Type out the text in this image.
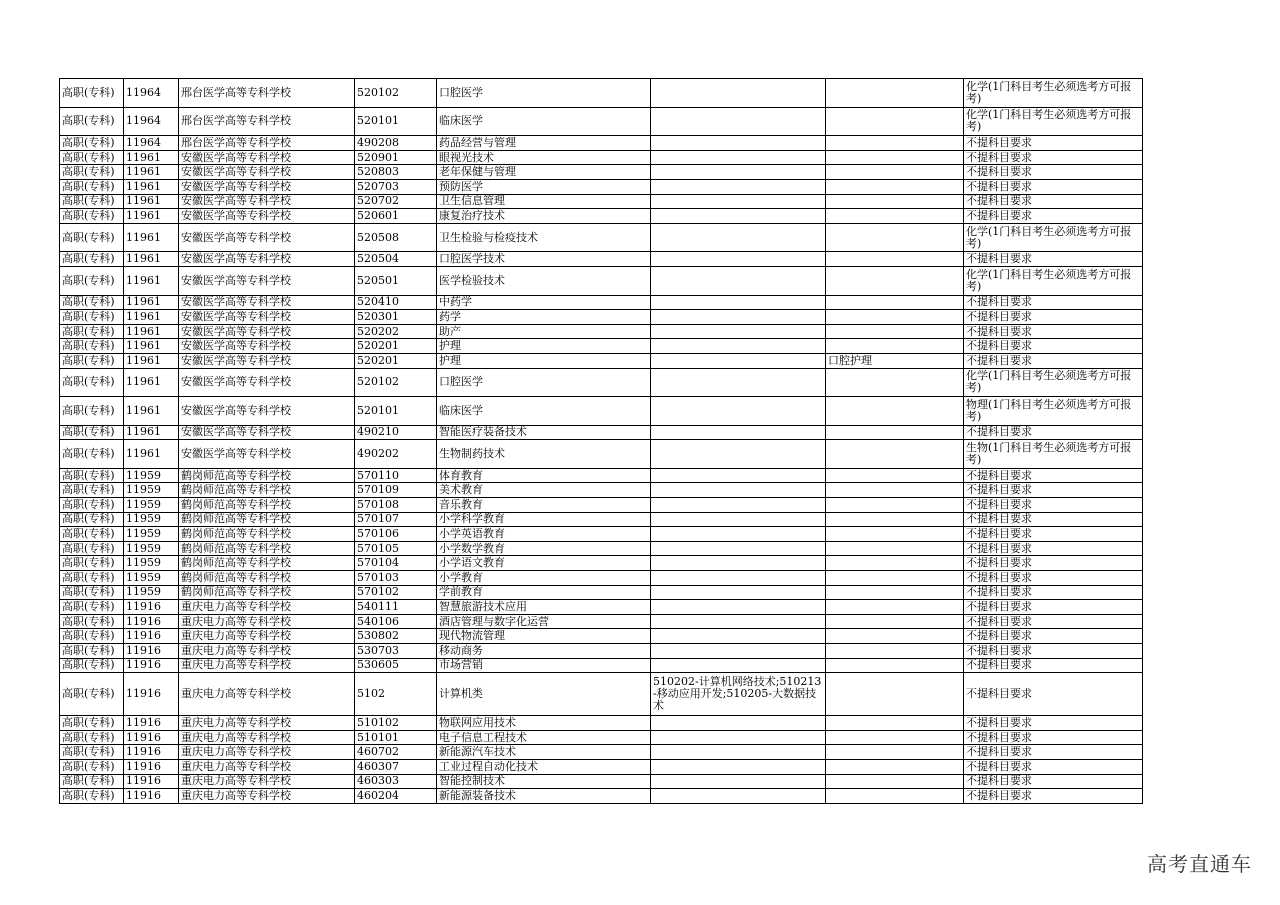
高职(专科)	11964	邢台医学高等专科学校	520102	口腔医学			化学(1门科目考生必须选考方可报考)
高职(专科)	11964	邢台医学高等专科学校	520101	临床医学			化学(1门科目考生必须选考方可报考)
高职(专科)	11964	邢台医学高等专科学校	490208	药品经营与管理			不提科目要求
高职(专科)	11961	安徽医学高等专科学校	520901	眼视光技术			不提科目要求
高职(专科)	11961	安徽医学高等专科学校	520803	老年保健与管理			不提科目要求
高职(专科)	11961	安徽医学高等专科学校	520703	预防医学			不提科目要求
高职(专科)	11961	安徽医学高等专科学校	520702	卫生信息管理			不提科目要求
高职(专科)	11961	安徽医学高等专科学校	520601	康复治疗技术			不提科目要求
高职(专科)	11961	安徽医学高等专科学校	520508	卫生检验与检疫技术			化学(1门科目考生必须选考方可报考)
高职(专科)	11961	安徽医学高等专科学校	520504	口腔医学技术			不提科目要求
高职(专科)	11961	安徽医学高等专科学校	520501	医学检验技术			化学(1门科目考生必须选考方可报考)
高职(专科)	11961	安徽医学高等专科学校	520410	中药学			不提科目要求
高职(专科)	11961	安徽医学高等专科学校	520301	药学			不提科目要求
高职(专科)	11961	安徽医学高等专科学校	520202	助产			不提科目要求
高职(专科)	11961	安徽医学高等专科学校	520201	护理			不提科目要求
高职(专科)	11961	安徽医学高等专科学校	520201	护理		口腔护理	不提科目要求
高职(专科)	11961	安徽医学高等专科学校	520102	口腔医学			化学(1门科目考生必须选考方可报考)
高职(专科)	11961	安徽医学高等专科学校	520101	临床医学			物理(1门科目考生必须选考方可报考)
高职(专科)	11961	安徽医学高等专科学校	490210	智能医疗装备技术			不提科目要求
高职(专科)	11961	安徽医学高等专科学校	490202	生物制药技术			生物(1门科目考生必须选考方可报考)
高职(专科)	11959	鹤岗师范高等专科学校	570110	体育教育			不提科目要求
高职(专科)	11959	鹤岗师范高等专科学校	570109	美术教育			不提科目要求
高职(专科)	11959	鹤岗师范高等专科学校	570108	音乐教育			不提科目要求
高职(专科)	11959	鹤岗师范高等专科学校	570107	小学科学教育			不提科目要求
高职(专科)	11959	鹤岗师范高等专科学校	570106	小学英语教育			不提科目要求
高职(专科)	11959	鹤岗师范高等专科学校	570105	小学数学教育			不提科目要求
高职(专科)	11959	鹤岗师范高等专科学校	570104	小学语文教育			不提科目要求
高职(专科)	11959	鹤岗师范高等专科学校	570103	小学教育			不提科目要求
高职(专科)	11959	鹤岗师范高等专科学校	570102	学前教育			不提科目要求
高职(专科)	11916	重庆电力高等专科学校	540111	智慧旅游技术应用			不提科目要求
高职(专科)	11916	重庆电力高等专科学校	540106	酒店管理与数字化运营			不提科目要求
高职(专科)	11916	重庆电力高等专科学校	530802	现代物流管理			不提科目要求
高职(专科)	11916	重庆电力高等专科学校	530703	移动商务			不提科目要求
高职(专科)	11916	重庆电力高等专科学校	530605	市场营销			不提科目要求
高职(专科)	11916	重庆电力高等专科学校	5102	计算机类	510202-计算机网络技术;510213-移动应用开发;510205-大数据技术		不提科目要求
高职(专科)	11916	重庆电力高等专科学校	510102	物联网应用技术			不提科目要求
高职(专科)	11916	重庆电力高等专科学校	510101	电子信息工程技术			不提科目要求
高职(专科)	11916	重庆电力高等专科学校	460702	新能源汽车技术			不提科目要求
高职(专科)	11916	重庆电力高等专科学校	460307	工业过程自动化技术			不提科目要求
高职(专科)	11916	重庆电力高等专科学校	460303	智能控制技术			不提科目要求
高职(专科)	11916	重庆电力高等专科学校	460204	新能源装备技术			不提科目要求
高考直通车
